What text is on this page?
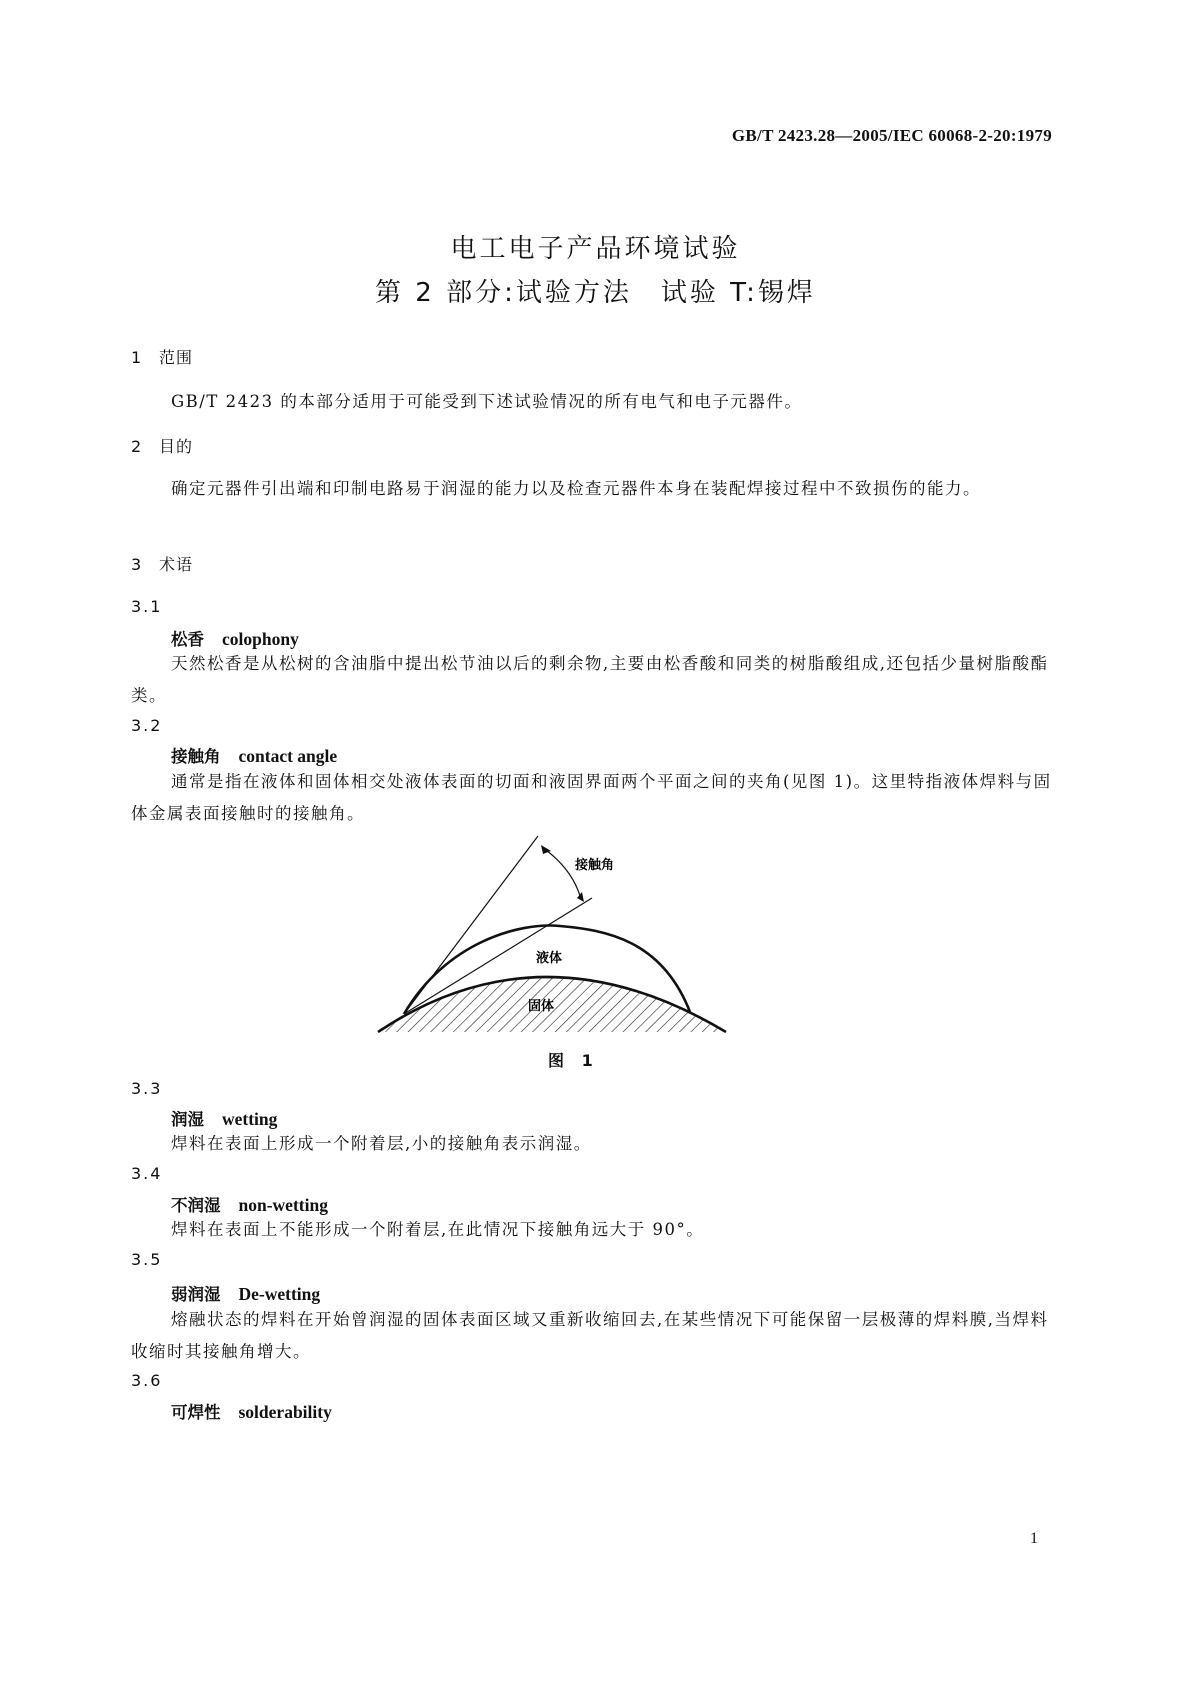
GB/T 2423.28—2005/IEC 60068-2-20:1979
电工电子产品环境试验
第 2 部分:试验方法　试验 T:锡焊
1 范围
GB/T 2423 的本部分适用于可能受到下述试验情况的所有电气和电子元器件。
2 目的
确定元器件引出端和印制电路易于润湿的能力以及检查元器件本身在装配焊接过程中不致损伤的能力。
3 术语
3.1
松香 colophony
天然松香是从松树的含油脂中提出松节油以后的剩余物,主要由松香酸和同类的树脂酸组成,还包括少量树脂酸酯类。
3.2
接触角 contact angle
通常是指在液体和固体相交处液体表面的切面和液固界面两个平面之间的夹角(见图 1)。这里特指液体焊料与固体金属表面接触时的接触角。
接触角
液体
固体
图 1
3.3
润湿 wetting
焊料在表面上形成一个附着层,小的接触角表示润湿。
3.4
不润湿 non-wetting
焊料在表面上不能形成一个附着层,在此情况下接触角远大于 90°。
3.5
弱润湿 De-wetting
熔融状态的焊料在开始曾润湿的固体表面区域又重新收缩回去,在某些情况下可能保留一层极薄的焊料膜,当焊料收缩时其接触角增大。
3.6
可焊性 solderability
1
